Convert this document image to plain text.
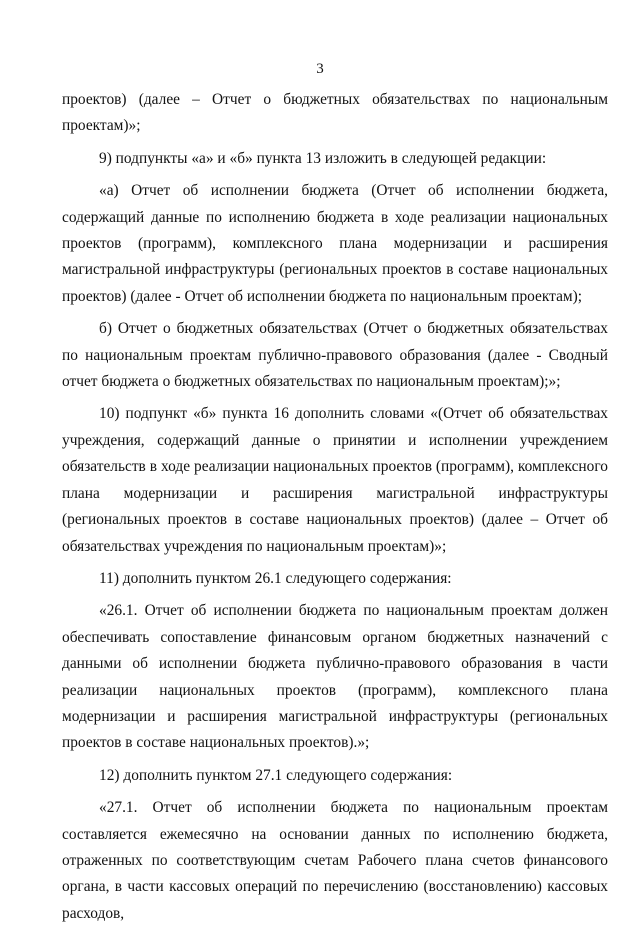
3

проектов) (далее – Отчет о бюджетных обязательствах по национальным проектам)»;

9) подпункты «а» и «б» пункта 13 изложить в следующей редакции:

«а) Отчет об исполнении бюджета (Отчет об исполнении бюджета, содержащий данные по исполнению бюджета в ходе реализации национальных проектов (программ), комплексного плана модернизации и расширения магистральной инфраструктуры (региональных проектов в составе национальных проектов) (далее - Отчет об исполнении бюджета по национальным проектам);

б) Отчет о бюджетных обязательствах (Отчет о бюджетных обязательствах по национальным проектам публично-правового образования (далее - Сводный отчет бюджета о бюджетных обязательствах по национальным проектам);»;

10) подпункт «б» пункта 16 дополнить словами «(Отчет об обязательствах учреждения, содержащий данные о принятии и исполнении учреждением обязательств в ходе реализации национальных проектов (программ), комплексного плана модернизации и расширения магистральной инфраструктуры (региональных проектов в составе национальных проектов) (далее – Отчет об обязательствах учреждения по национальным проектам)»;

11) дополнить пунктом 26.1 следующего содержания:

«26.1. Отчет об исполнении бюджета по национальным проектам должен обеспечивать сопоставление финансовым органом бюджетных назначений с данными об исполнении бюджета публично-правового образования в части реализации национальных проектов (программ), комплексного плана модернизации и расширения магистральной инфраструктуры (региональных проектов в составе национальных проектов).»;

12) дополнить пунктом 27.1 следующего содержания:

«27.1. Отчет об исполнении бюджета по национальным проектам составляется ежемесячно на основании данных по исполнению бюджета, отраженных по соответствующим счетам Рабочего плана счетов финансового органа, в части кассовых операций по перечислению (восстановлению) кассовых расходов,
